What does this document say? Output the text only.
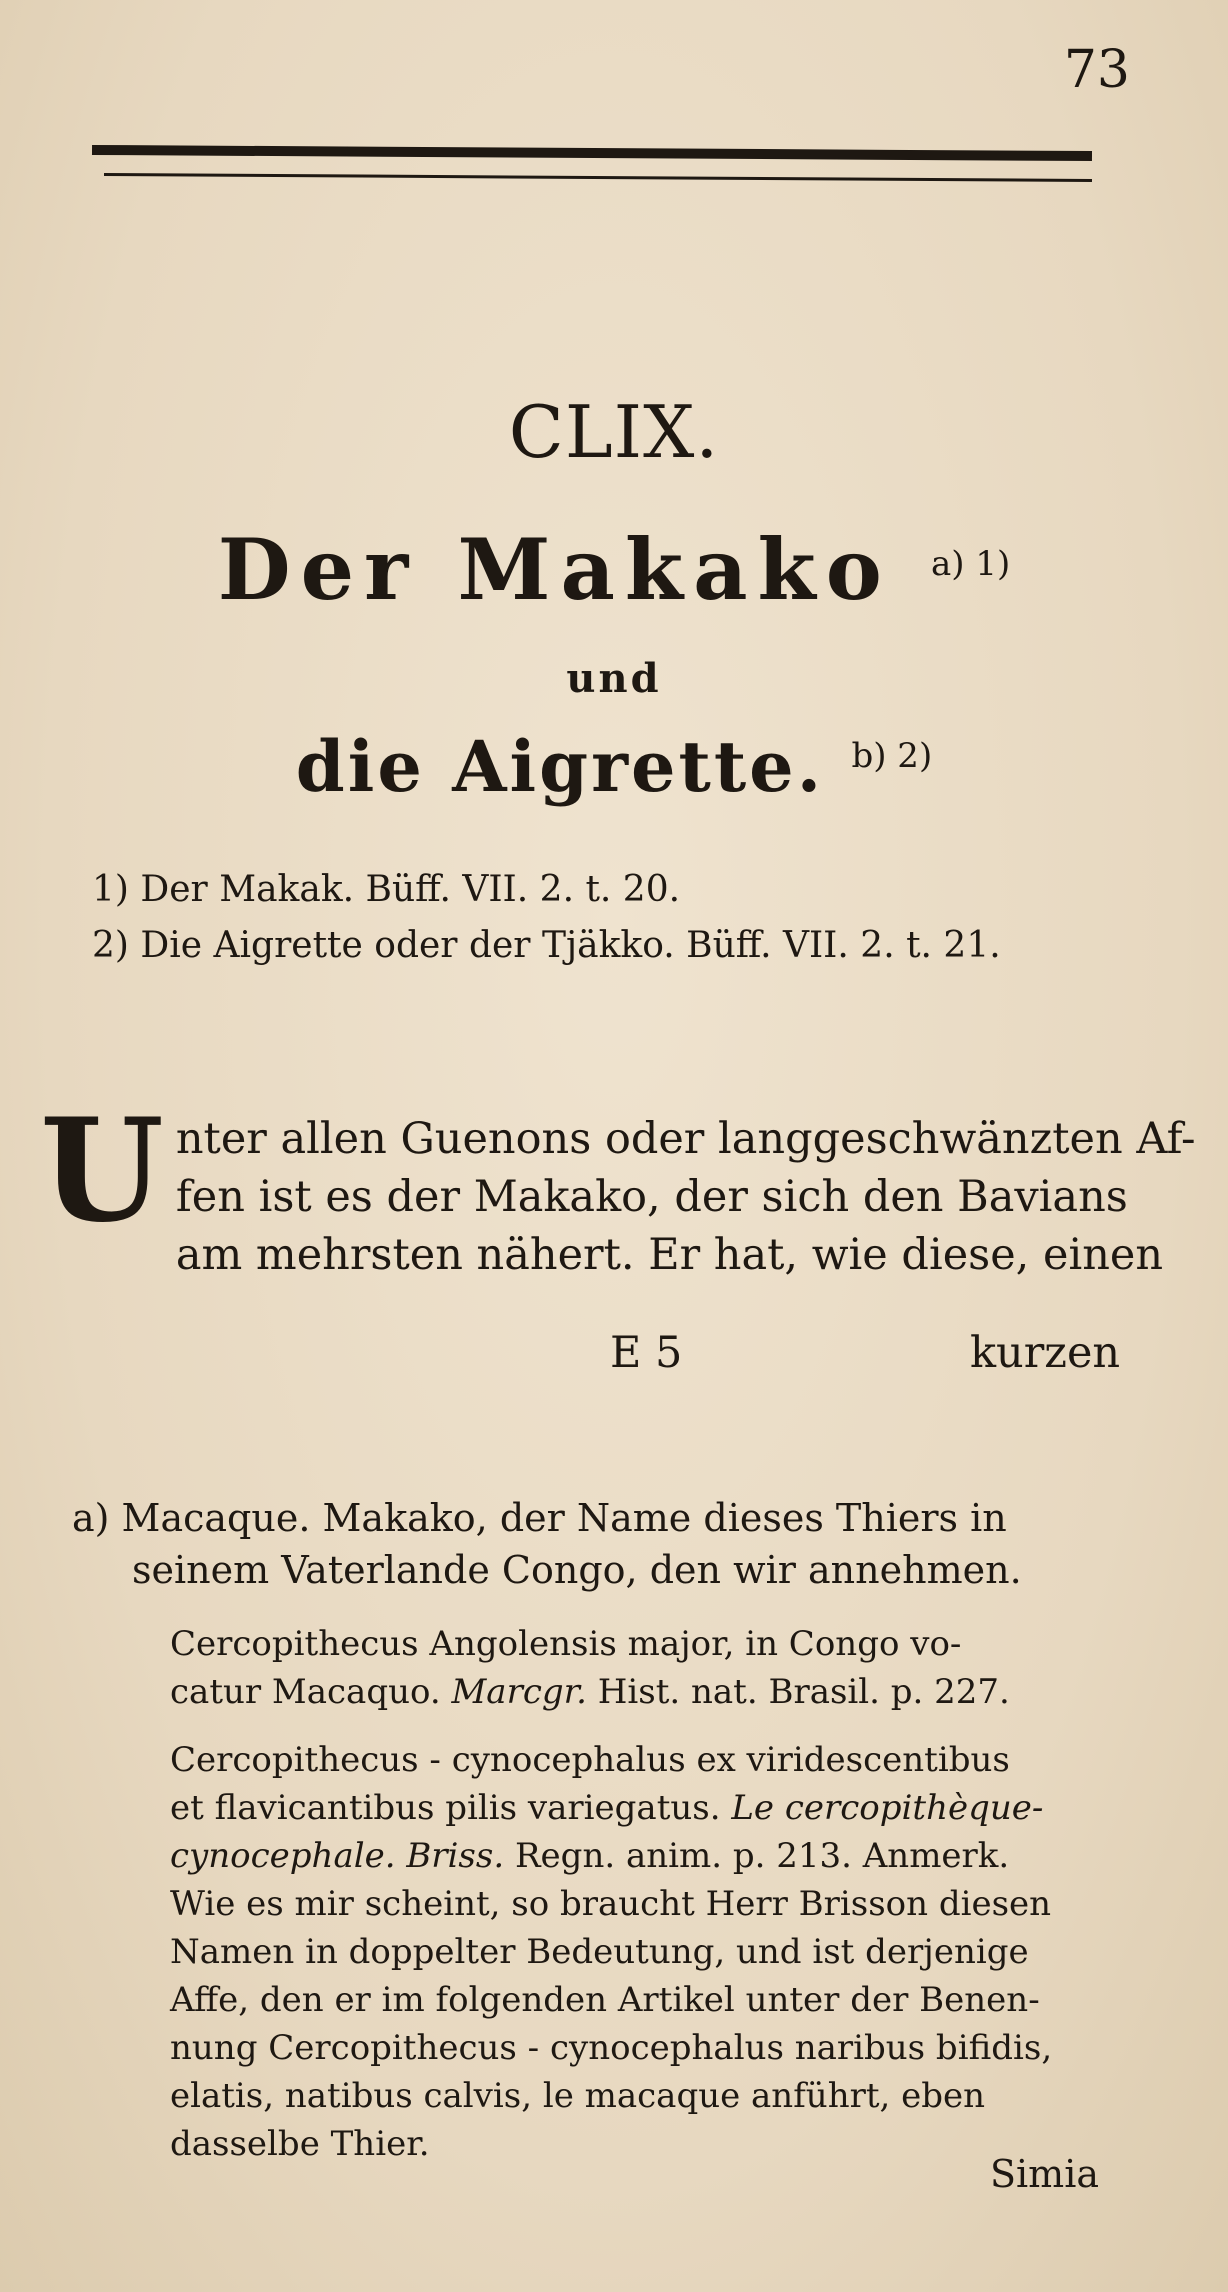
73
CLIX.
Der Makako $^{a) 1)}$
und
die Aigrette. $^{b) 2)}$
1) Der Makak. Büff. VII. 2. t. 20.
2) Die Aigrette oder der Tjäkko. Büff. VII. 2. t. 21.
U nter allen Guenons oder langgeschwänzten Af-
fen ist es der Makako, der sich den Bavians
am mehrsten nähert. Er hat, wie diese, einen
E 5	kurzen
a) Macaque. Makako, der Name dieses Thiers in
seinem Vaterlande Congo, den wir annehmen.
Cercopithecus Angolensis major, in Congo vo-
catur Macaquo. Marcgr. Hist. nat. Brasil. p. 227.
Cercopithecus - cynocephalus ex viridescentibus
et flavicantibus pilis variegatus. Le cercopithèque-
cynocephale. Briss. Regn. anim. p. 213. Anmerk.
Wie es mir scheint, so braucht Herr Brisson diesen
Namen in doppelter Bedeutung, und ist derjenige
Affe, den er im folgenden Artikel unter der Benen-
nung Cercopithecus - cynocephalus naribus bifidis,
elatis, natibus calvis, le macaque anführt, eben
dasselbe Thier.
Simia
